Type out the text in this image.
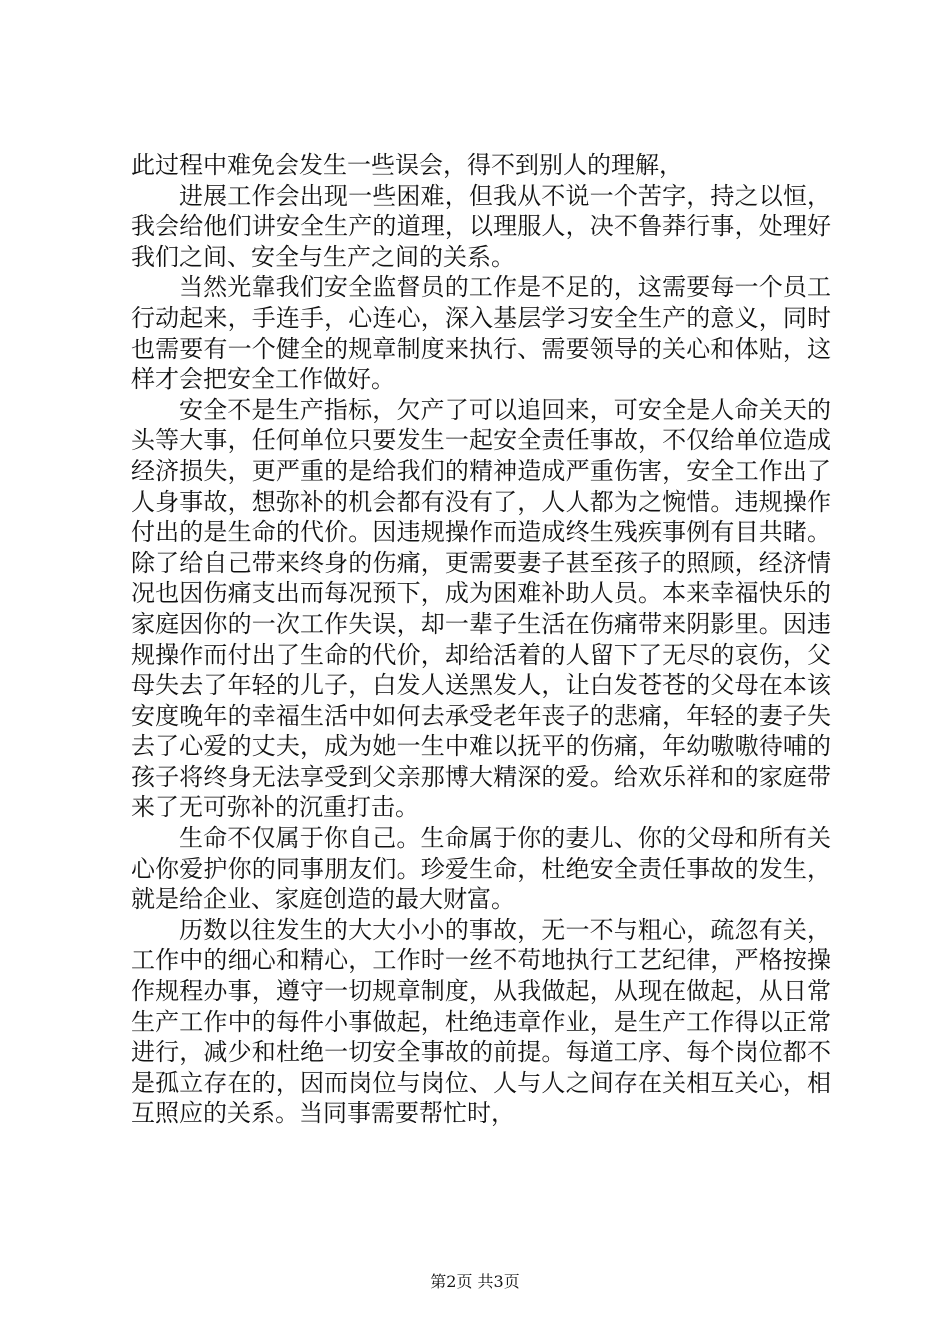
此过程中难免会发生一些误会，得不到别人的理解，

进展工作会出现一些困难，但我从不说一个苦字，持之以恒，我会给他们讲安全生产的道理，以理服人，决不鲁莽行事，处理好我们之间、安全与生产之间的关系。

当然光靠我们安全监督员的工作是不足的，这需要每一个员工行动起来，手连手，心连心，深入基层学习安全生产的意义，同时也需要有一个健全的规章制度来执行、需要领导的关心和体贴，这样才会把安全工作做好。

安全不是生产指标，欠产了可以追回来，可安全是人命关天的头等大事，任何单位只要发生一起安全责任事故，不仅给单位造成经济损失，更严重的是给我们的精神造成严重伤害，安全工作出了人身事故，想弥补的机会都有没有了，人人都为之惋惜。违规操作付出的是生命的代价。因违规操作而造成终生残疾事例有目共睹。除了给自己带来终身的伤痛，更需要妻子甚至孩子的照顾，经济情况也因伤痛支出而每况预下，成为困难补助人员。本来幸福快乐的家庭因你的一次工作失误，却一辈子生活在伤痛带来阴影里。因违规操作而付出了生命的代价，却给活着的人留下了无尽的哀伤，父母失去了年轻的儿子，白发人送黑发人，让白发苍苍的父母在本该安度晚年的幸福生活中如何去承受老年丧子的悲痛，年轻的妻子失去了心爱的丈夫，成为她一生中难以抚平的伤痛，年幼嗷嗷待哺的孩子将终身无法享受到父亲那博大精深的爱。给欢乐祥和的家庭带来了无可弥补的沉重打击。

生命不仅属于你自己。生命属于你的妻儿、你的父母和所有关心你爱护你的同事朋友们。珍爱生命，杜绝安全责任事故的发生，就是给企业、家庭创造的最大财富。

历数以往发生的大大小小的事故，无一不与粗心，疏忽有关，工作中的细心和精心，工作时一丝不苟地执行工艺纪律，严格按操作规程办事，遵守一切规章制度，从我做起，从现在做起，从日常生产工作中的每件小事做起，杜绝违章作业，是生产工作得以正常进行，减少和杜绝一切安全事故的前提。每道工序、每个岗位都不是孤立存在的，因而岗位与岗位、人与人之间存在关相互关心，相互照应的关系。当同事需要帮忙时，

第2页 共3页
